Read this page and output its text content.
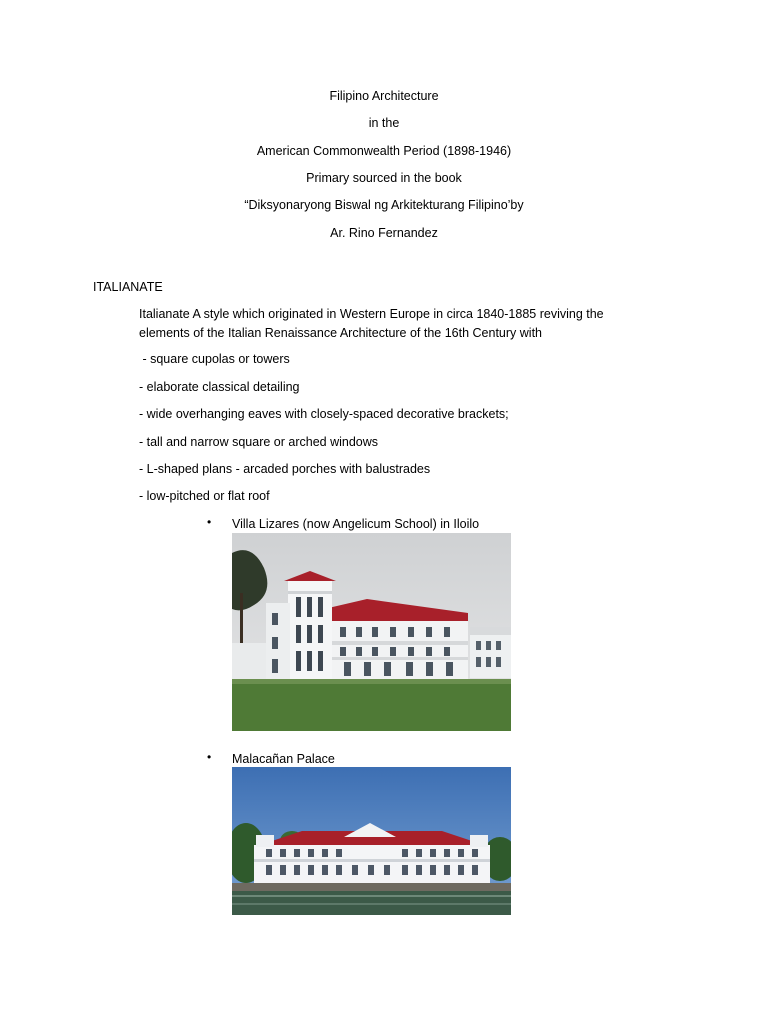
Filipino Architecture
in the
American Commonwealth Period (1898-1946)
Primary sourced in the book
“Diksyonaryong Biswal ng Arkitekturang Filipino’by
Ar. Rino Fernandez
ITALIANATE
Italianate A style which originated in Western Europe in circa 1840-1885 reviving the
elements of the Italian Renaissance Architecture of the 16th Century with
- square cupolas or towers
- elaborate classical detailing
- wide overhanging eaves with closely-spaced decorative brackets;
- tall and narrow square or arched windows
- L-shaped plans - arcaded porches with balustrades
- low-pitched or flat roof
• Villa Lizares (now Angelicum School) in Iloilo
• Malacañan Palace
